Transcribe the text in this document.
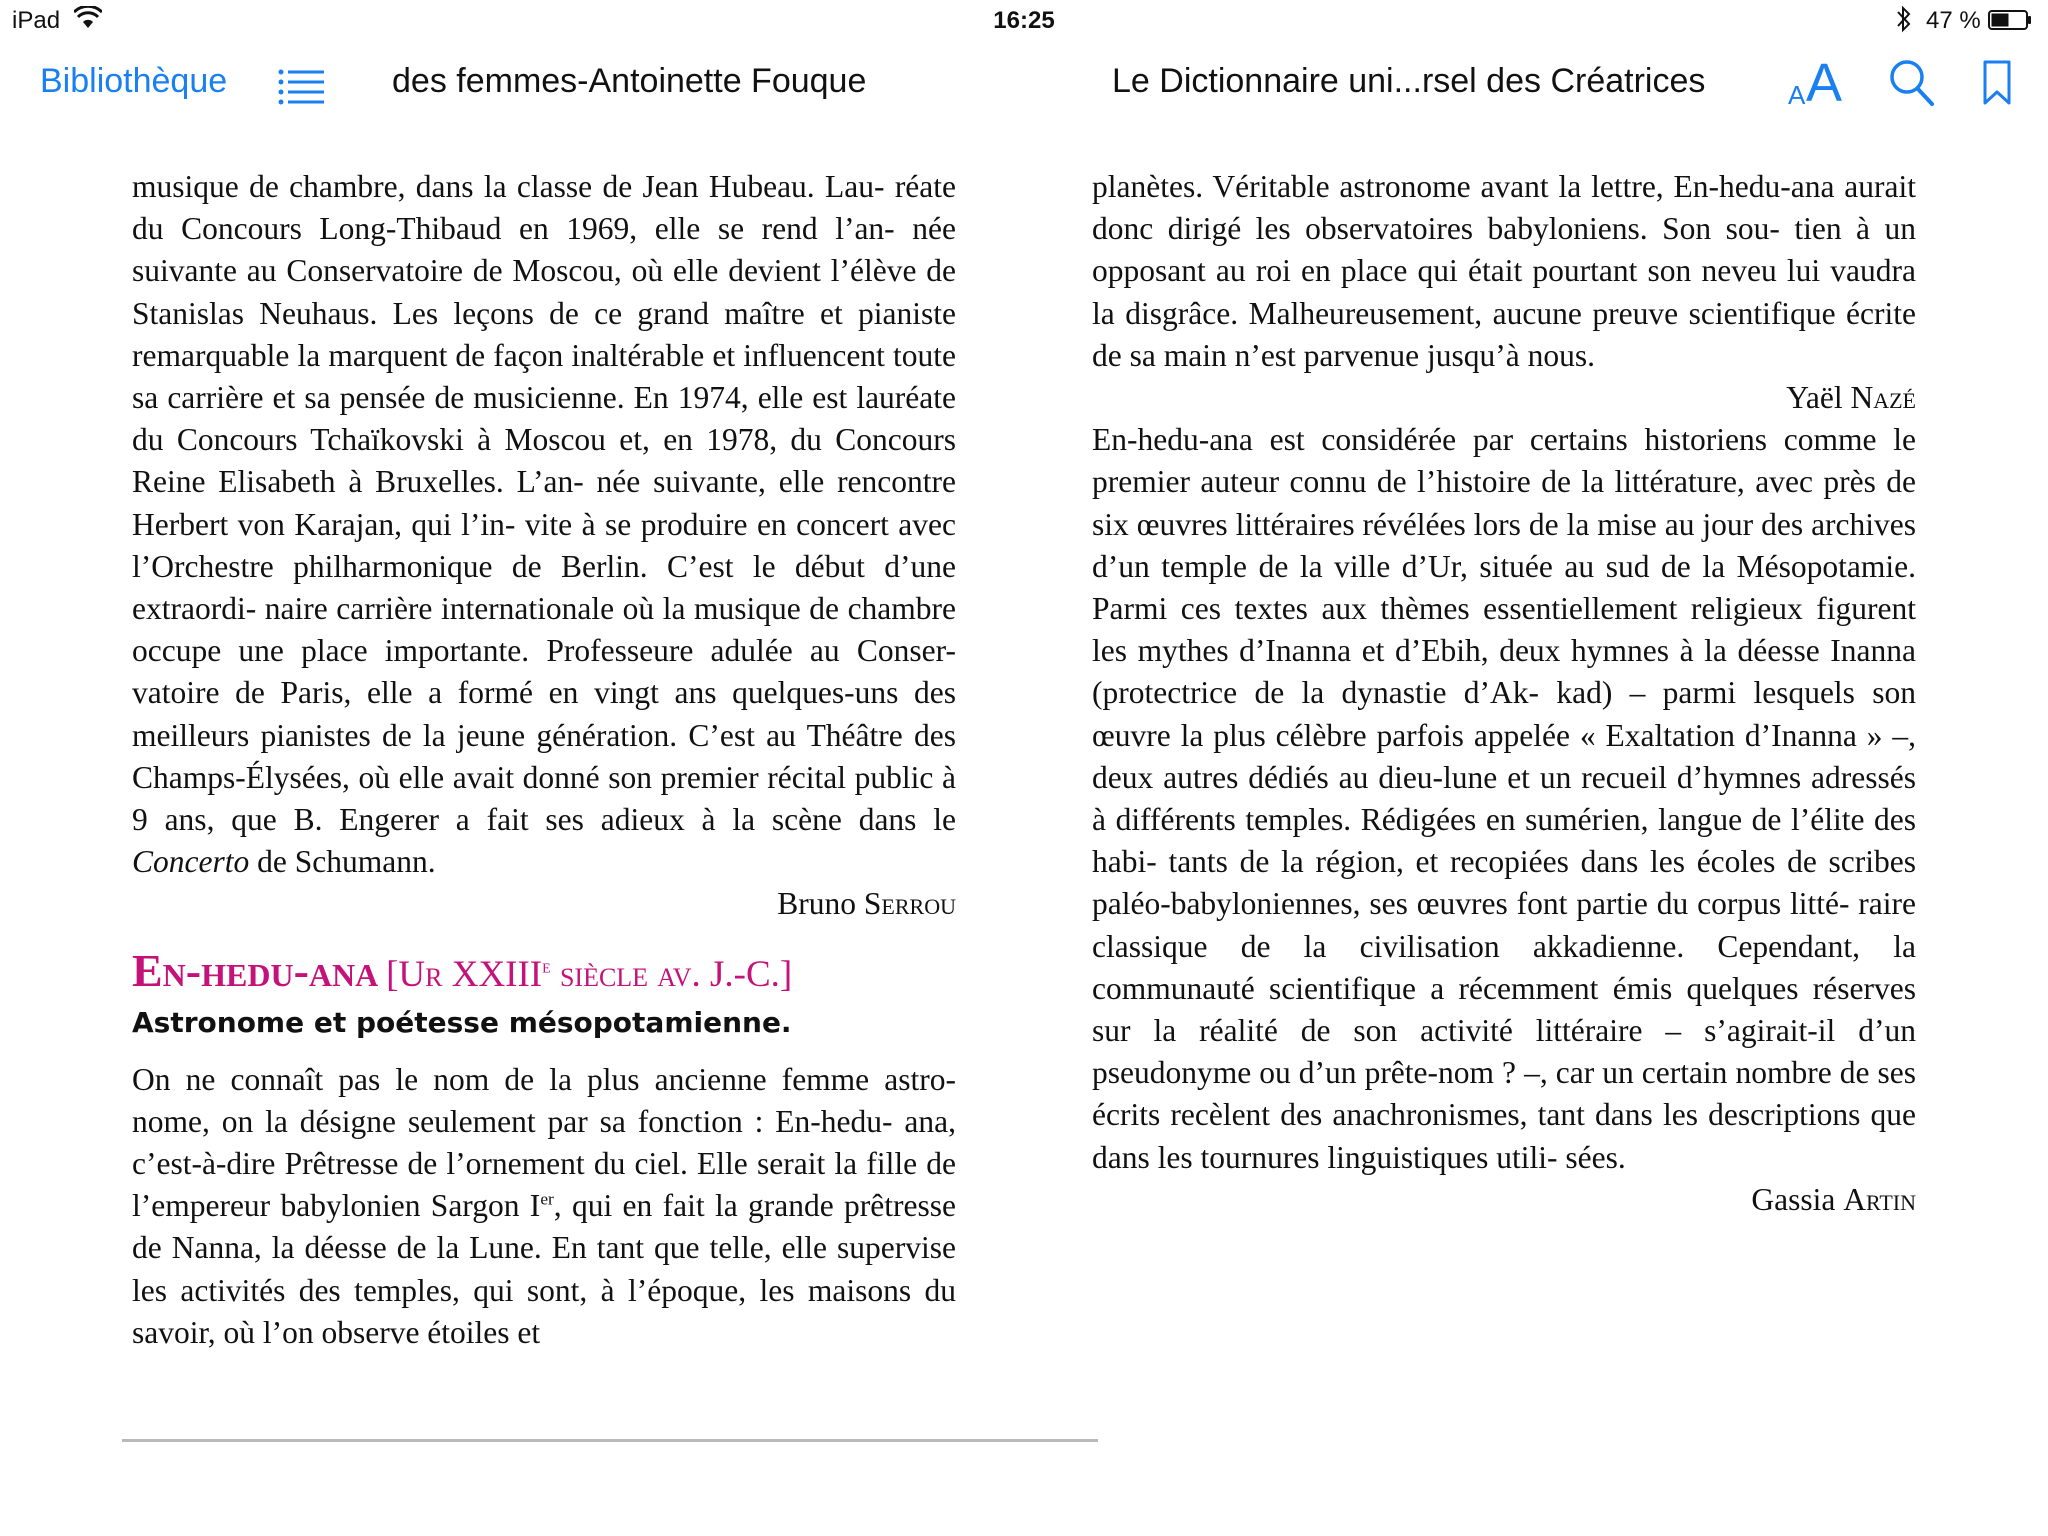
iPad	16:25	47 %
Bibliothèque	des femmes-Antoinette Fouque	Le Dictionnaire uni...rsel des Créatrices	A A

musique de chambre, dans la classe de Jean Hubeau. Lau- réate du Concours Long-Thibaud en 1969, elle se rend l’an- née suivante au Conservatoire de Moscou, où elle devient l’élève de Stanislas Neuhaus. Les leçons de ce grand maître et pianiste remarquable la marquent de façon inaltérable et influencent toute sa carrière et sa pensée de musicienne. En 1974, elle est lauréate du Concours Tchaïkovski à Moscou et, en 1978, du Concours Reine Elisabeth à Bruxelles. L’an- née suivante, elle rencontre Herbert von Karajan, qui l’in- vite à se produire en concert avec l’Orchestre philharmonique de Berlin. C’est le début d’une extraordi- naire carrière internationale où la musique de chambre occupe une place importante. Professeure adulée au Conser- vatoire de Paris, elle a formé en vingt ans quelques-uns des meilleurs pianistes de la jeune génération. C’est au Théâtre des Champs-Élysées, où elle avait donné son premier récital public à 9 ans, que B. Engerer a fait ses adieux à la scène dans le Concerto de Schumann.

Bruno Serrou
En-hedu-ana [Ur XXIIIe siècle av. J.-C.]
Astronome et poétesse mésopotamienne.

On ne connaît pas le nom de la plus ancienne femme astro- nome, on la désigne seulement par sa fonction : En-hedu- ana, c’est-à-dire Prêtresse de l’ornement du ciel. Elle serait la fille de l’empereur babylonien Sargon Ier, qui en fait la grande prêtresse de Nanna, la déesse de la Lune. En tant que telle, elle supervise les activités des temples, qui sont, à l’époque, les maisons du savoir, où l’on observe étoiles et

planètes. Véritable astronome avant la lettre, En-hedu-ana aurait donc dirigé les observatoires babyloniens. Son sou- tien à un opposant au roi en place qui était pourtant son neveu lui vaudra la disgrâce. Malheureusement, aucune preuve scientifique écrite de sa main n’est parvenue jusqu’à nous.

Yaël Nazé

En-hedu-ana est considérée par certains historiens comme le premier auteur connu de l’histoire de la littérature, avec près de six œuvres littéraires révélées lors de la mise au jour des archives d’un temple de la ville d’Ur, située au sud de la Mésopotamie. Parmi ces textes aux thèmes essentiellement religieux figurent les mythes d’Inanna et d’Ebih, deux hymnes à la déesse Inanna (protectrice de la dynastie d’Ak- kad) – parmi lesquels son œuvre la plus célèbre parfois appelée « Exaltation d’Inanna » –, deux autres dédiés au dieu-lune et un recueil d’hymnes adressés à différents temples. Rédigées en sumérien, langue de l’élite des habi- tants de la région, et recopiées dans les écoles de scribes paléo-babyloniennes, ses œuvres font partie du corpus litté- raire classique de la civilisation akkadienne. Cependant, la communauté scientifique a récemment émis quelques réserves sur la réalité de son activité littéraire – s’agirait-il d’un pseudonyme ou d’un prête-nom ? –, car un certain nombre de ses écrits recèlent des anachronismes, tant dans les descriptions que dans les tournures linguistiques utili- sées.

Gassia Artin
